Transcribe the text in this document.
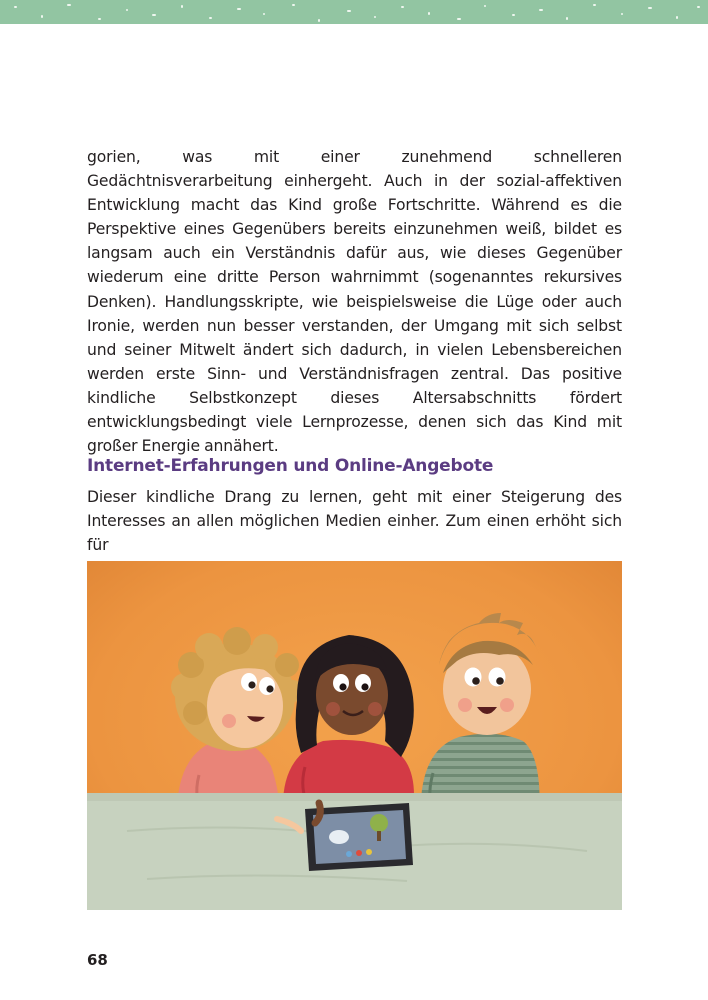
gorien, was mit einer zunehmend schnelleren Gedächtnisverarbeitung einhergeht. Auch in der sozial-affektiven Entwicklung macht das Kind große Fortschritte. Während es die Perspektive eines Gegenübers bereits einzunehmen weiß, bildet es langsam auch ein Verständnis dafür aus, wie dieses Gegenüber wiederum eine dritte Person wahrnimmt (sogenanntes rekursives Denken). Handlungsskripte, wie beispielsweise die Lüge oder auch Ironie, werden nun besser verstanden, der Umgang mit sich selbst und seiner Mitwelt ändert sich dadurch, in vielen Lebensbereichen werden erste Sinn- und Verständnisfragen zentral. Das positive kindliche Selbstkonzept dieses Altersabschnitts fördert entwicklungsbedingt viele Lernprozesse, denen sich das Kind mit großer Energie annähert.

Internet-Erfahrungen und Online-Angebote

Dieser kindliche Drang zu lernen, geht mit einer Steigerung des Interesses an allen möglichen Medien einher. Zum einen erhöht sich für

68
